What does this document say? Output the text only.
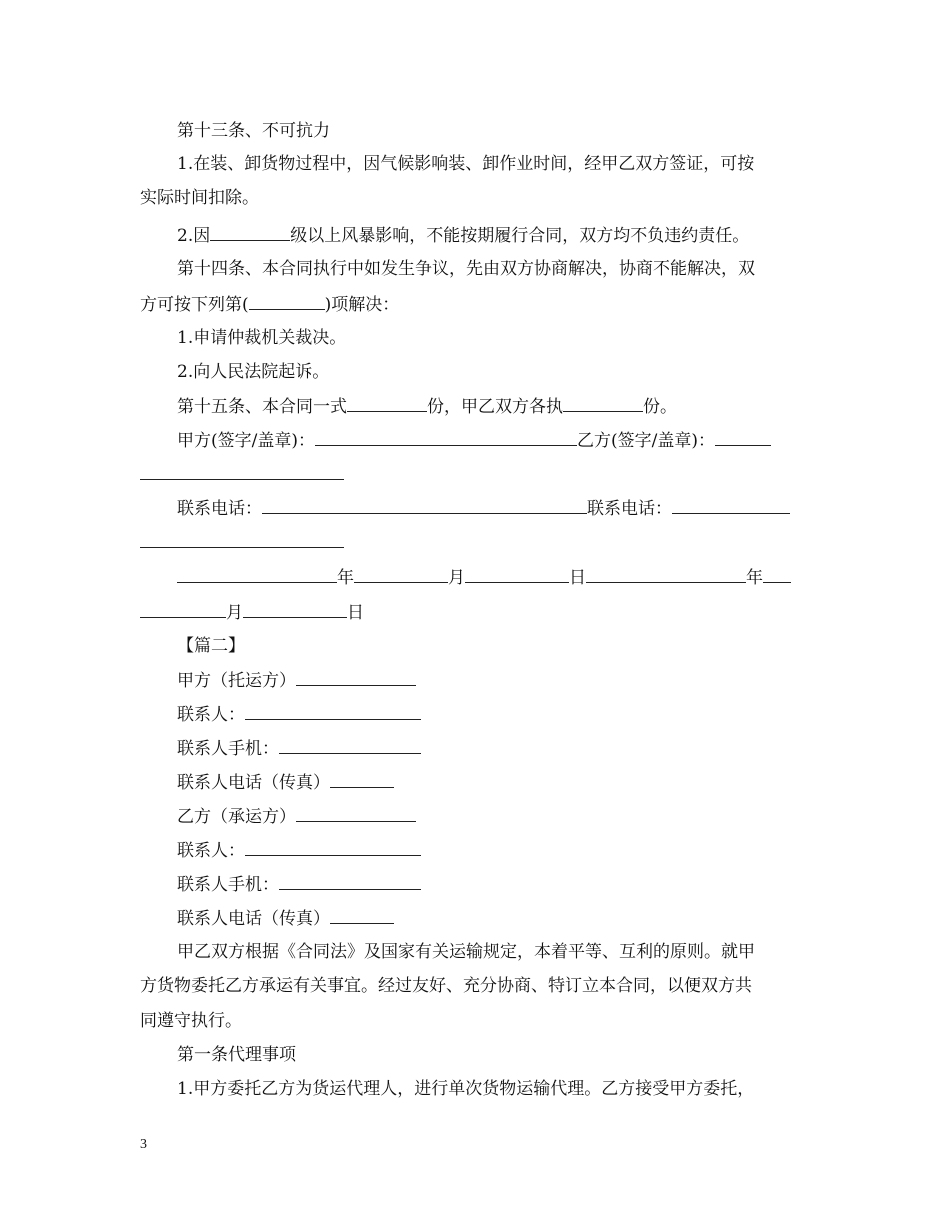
第十三条、不可抗力
1.在装、卸货物过程中，因气候影响装、卸作业时间，经甲乙双方签证，可按
实际时间扣除。
2.因	级以上风暴影响，不能按期履行合同，双方均不负违约责任。
第十四条、本合同执行中如发生争议，先由双方协商解决，协商不能解决，双
方可按下列第(	)项解决：
1.申请仲裁机关裁决。
2.向人民法院起诉。
第十五条、本合同一式	份，甲乙双方各执	份。
甲方(签字/盖章)：	乙方(签字/盖章)：
联系电话：	联系电话：
年	月	日	年
月	日
【篇二】
甲方（托运方）
联系人：
联系人手机：
联系人电话（传真）
乙方（承运方）
联系人：
联系人手机：
联系人电话（传真）
甲乙双方根据《合同法》及国家有关运输规定，本着平等、互利的原则。就甲
方货物委托乙方承运有关事宜。经过友好、充分协商、特订立本合同，以便双方共
同遵守执行。
第一条代理事项
1.甲方委托乙方为货运代理人，进行单次货物运输代理。乙方接受甲方委托，
3
